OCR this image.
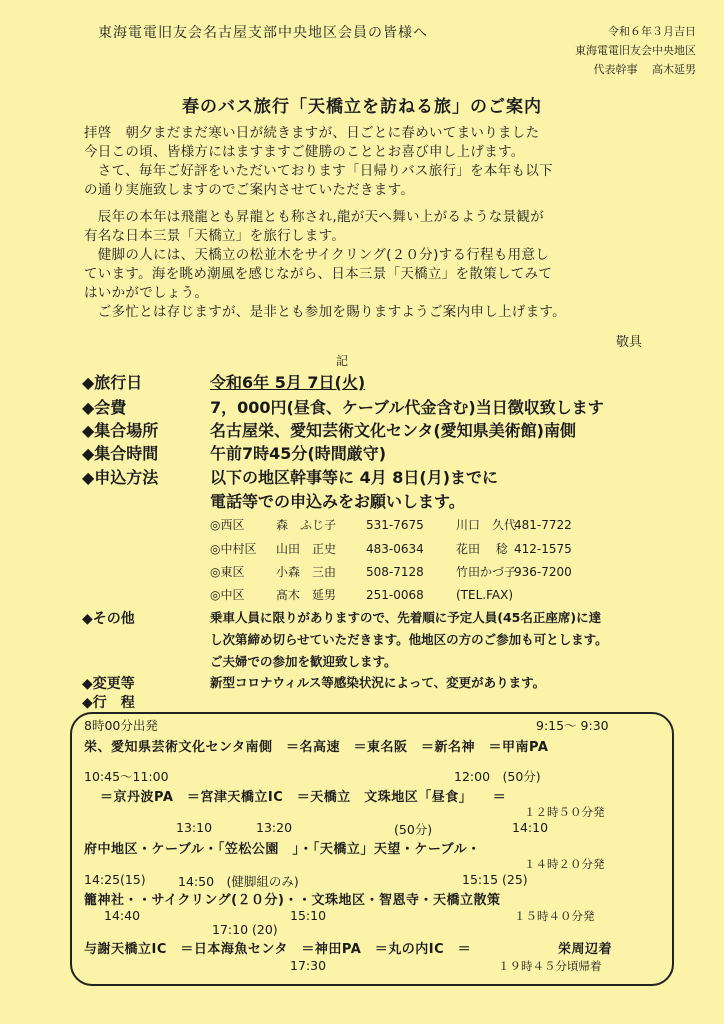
東海電電旧友会名古屋支部中央地区会員の皆様へ	令和６年３月吉日
東海電電旧友会中央地区
代表幹事　 高木延男
春のバス旅行「天橋立を訪ねる旅」のご案内

拝啓　朝夕まだまだ寒い日が続きますが、日ごとに春めいてまいりました

今日この頃、皆様方にはますますご健勝のこととお喜び申し上げます。

　さて、毎年ご好評をいただいております「日帰りバス旅行」を本年も以下

の通り実施致しますのでご案内させていただきます。

　辰年の本年は飛龍とも昇龍とも称され,龍が天へ舞い上がるような景観が

有名な日本三景「天橋立」を旅行します。

　健脚の人には、天橋立の松並木をサイクリング(２０分)する行程も用意し

ています。海を眺め潮風を感じながら、日本三景「天橋立」を散策してみて

はいかがでしょう。

　ご多忙とは存じますが、是非とも参加を賜りますようご案内申し上げます。

敬具
記
◆旅行日	令和6年 5月 7日(火)
◆会費	7，000円(昼食、ケーブル代金含む)当日徴収致します
◆集合場所	名古屋栄、愛知芸術文化センタ(愛知県美術館)南側
◆集合時間	午前7時45分(時間厳守)
◆申込方法	以下の地区幹事等に 4月 8日(月)までに
電話等での申込みをお願いします。
◎西区	森　ふじ子 531-7675	川口　久代481-7722
◎中村区 山田　正史 483-0634	花田　 稔 412-1575
◎東区	小森　三由 508-7128	竹田かづ子936-7200
◎中区	髙木　延男 251-0068	(TEL.FAX)
◆その他	乗車人員に限りがありますので、先着順に予定人員(45名正座席)に達
し次第締め切らせていただきます。他地区の方のご参加も可とします。
ご夫婦での参加を歓迎致します。
◆変更等	新型コロナウィルス等感染状況によって、変更があります。
◆行　程
8時00分出発	9:15～ 9:30
栄、愛知県芸術文化センタ南側　＝名高速　＝東名阪　＝新名神　＝甲南PA
10:45～11:00	12:00　(50分)
＝京丹波PA　＝宮津天橋立IC　＝天橋立　文珠地区「昼食」　　＝
１２時５０分発
13:10	13:20	(50分)	14:10
府中地区・ケーブル・「笠松公園　」・「天橋立」天望・ケーブル・
１４時２０分発
14:25(15)	14:50　(健脚組のみ)	15:15 (25)
籠神社・・サイクリング(２０分)・・文珠地区・智恩寺・天橋立散策
14:40	15:10	１５時４０分発
17:10 (20)
与謝天橋立IC　＝日本海魚センタ　＝神田PA　＝丸の内IC　＝	栄周辺着
17:30	１９時４５分頃帰着
